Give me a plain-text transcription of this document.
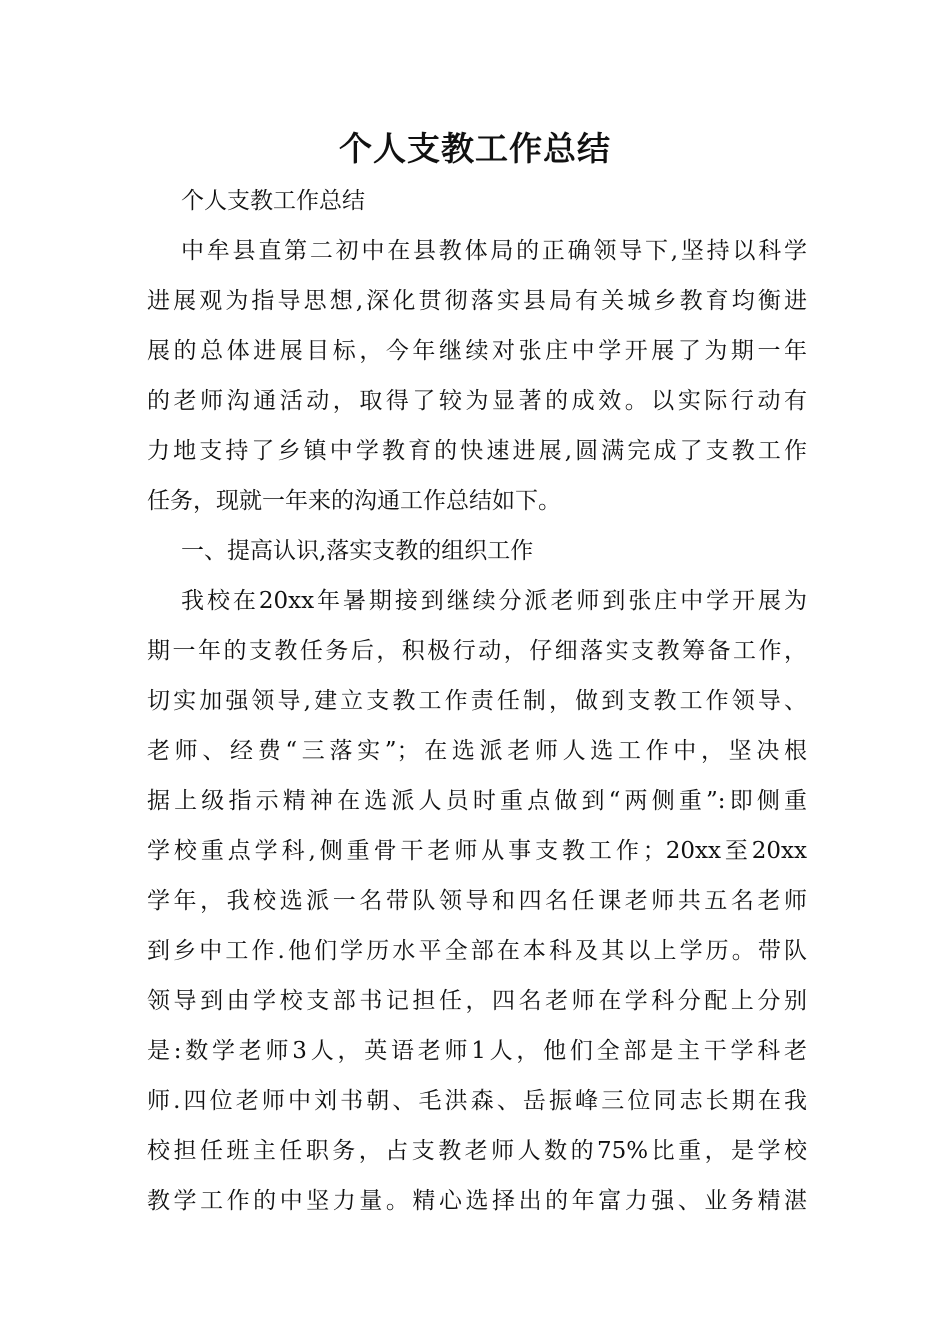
个人支教工作总结
个人支教工作总结
中牟县直第二初中在县教体局的正确领导下,坚持以科学
进展观为指导思想,深化贯彻落实县局有关城乡教育均衡进
展的总体进展目标，今年继续对张庄中学开展了为期一年
的老师沟通活动，取得了较为显著的成效。以实际行动有
力地支持了乡镇中学教育的快速进展,圆满完成了支教工作
任务，现就一年来的沟通工作总结如下。
一、提高认识,落实支教的组织工作
我校在20xx年暑期接到继续分派老师到张庄中学开展为
期一年的支教任务后，积极行动，仔细落实支教筹备工作，
切实加强领导,建立支教工作责任制，做到支教工作领导、
老师、经费“三落实”；在选派老师人选工作中，坚决根
据上级指示精神在选派人员时重点做到“两侧重”:即侧重
学校重点学科,侧重骨干老师从事支教工作；20xx至20xx
学年，我校选派一名带队领导和四名任课老师共五名老师
到乡中工作.他们学历水平全部在本科及其以上学历。带队
领导到由学校支部书记担任，四名老师在学科分配上分别
是:数学老师3人，英语老师1人，他们全部是主干学科老
师.四位老师中刘书朝、毛洪森、岳振峰三位同志长期在我
校担任班主任职务，占支教老师人数的75%比重，是学校
教学工作的中坚力量。精心选择出的年富力强、业务精湛
